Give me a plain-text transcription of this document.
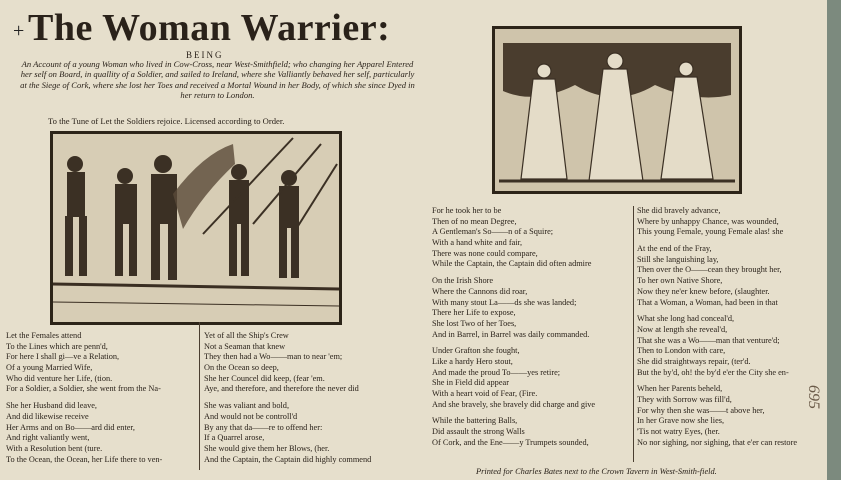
+ The Woman Warrier:
BEING
An Account of a young Woman who lived in Cow-Cross, near West-Smithfield; who changing her Apparel Entered her self on Board, in quallity of a Soldier, and sailed to Ireland, where she Valliantly behaved her self, particularly at the Siege of Cork, where she lost her Toes and received a Mortal Wound in her Body, of which she since Dyed in her return to London.
To the Tune of Let the Soldiers rejoice. Licensed according to Order.
Let the Females attend
To the Lines which are penn'd,
For here I shall gi—ve a Relation,
Of a young Married Wife,
Who did venture her Life, (tion.
For a Soldier, a Soldier, she went from the Na-
She her Husband did leave,
And did likewise receive
Her Arms and on Bo——ard did enter,
And right valiantly went,
With a Resolution bent (ture.
To the Ocean, the Ocean, her Life there to ven-
Yet of all the Ship's Crew
Not a Seaman that knew
They then had a Wo——man to near 'em;
On the Ocean so deep,
She her Councel did keep, (fear 'em.
Aye, and therefore, and therefore the never did
She was valiant and bold,
And would not be controll'd
By any that da——re to offend her:
If a Quarrel arose,
She would give them her Blows, (her.
And the Captain, the Captain did highly commend
For he took her to be
Then of no mean Degree,
A Gentleman's So——n of a Squire;
With a hand white and fair,
There was none could compare,
While the Captain, the Captain did often admire
On the Irish Shore
Where the Cannons did roar,
With many stout La——ds she was landed;
There her Life to expose,
She lost Two of her Toes,
And in Barrel, in Barrel was daily commanded.
Under Grafton she fought,
Like a hardy Hero stout,
And made the proud To——yes retire;
She in Field did appear
With a heart void of Fear, (Fire.
And she bravely, she bravely did charge and give
While the battering Balls,
Did assault the strong Walls
Of Cork, and the Ene——y Trumpets sounded,
She did bravely advance,
Where by unhappy Chance, was wounded,
This young Female, young Female alas! she
At the end of the Fray,
Still she languishing lay,
Then over the O——cean they brought her,
To her own Native Shore,
Now they ne'er knew before, (slaughter.
That a Woman, a Woman, had been in that
What she long had conceal'd,
Now at length she reveal'd,
That she was a Wo——man that venture'd;
Then to London with care,
She did straightways repair, (ter'd.
But the by'd, oh! the by'd e'er the City she en-
When her Parents beheld,
They with Sorrow was fill'd,
For why then she was——t above her,
In her Grave now she lies,
'Tis not watry Eyes, (her.
No nor sighing, nor sighing, that e'er can restore
Printed for Charles Bates next to the Crown Tavern in West-Smith-field.
695
